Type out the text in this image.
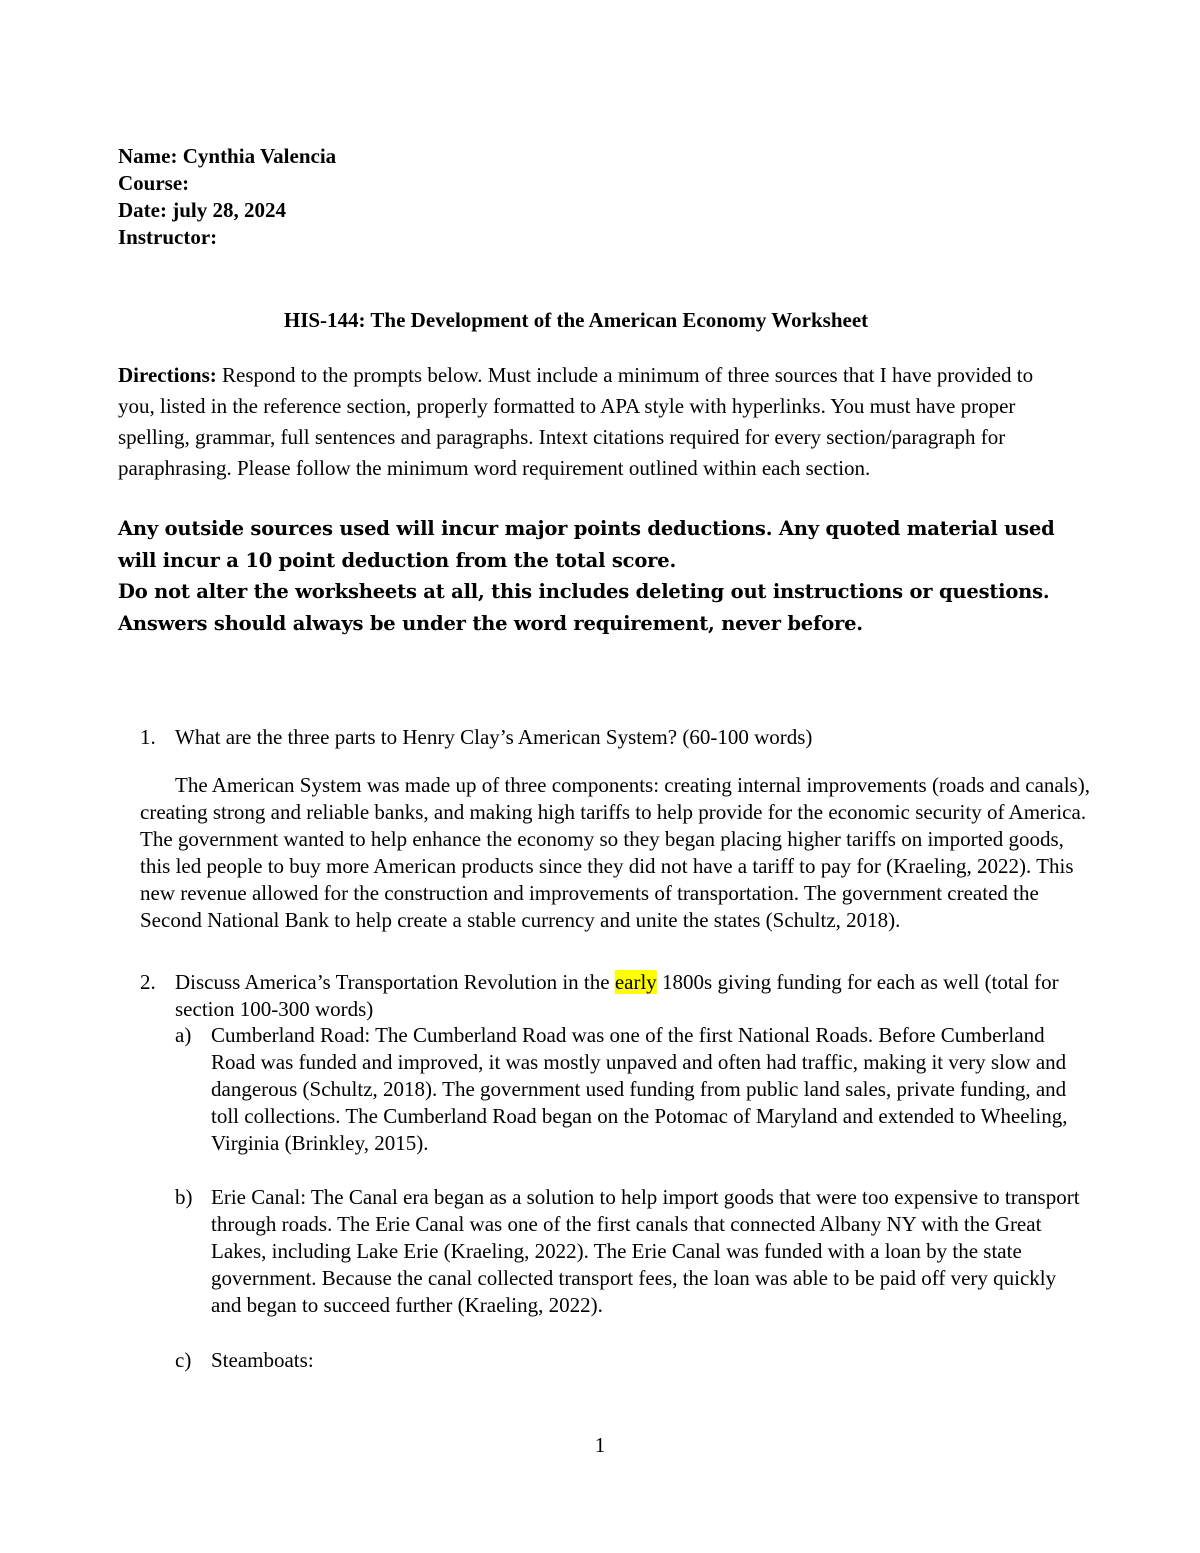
Name: Cynthia Valencia
Course:
Date: july 28, 2024
Instructor:
HIS-144: The Development of the American Economy Worksheet

Directions: Respond to the prompts below. Must include a minimum of three sources that I have provided to you, listed in the reference section, properly formatted to APA style with hyperlinks. You must have proper spelling, grammar, full sentences and paragraphs. Intext citations required for every section/paragraph for paraphrasing. Please follow the minimum word requirement outlined within each section.

Any outside sources used will incur major points deductions. Any quoted material used will incur a 10 point deduction from the total score.
Do not alter the worksheets at all, this includes deleting out instructions or questions.
Answers should always be under the word requirement, never before.
1. What are the three parts to Henry Clay’s American System? (60-100 words)

The American System was made up of three components: creating internal improvements (roads and canals), creating strong and reliable banks, and making high tariffs to help provide for the economic security of America. The government wanted to help enhance the economy so they began placing higher tariffs on imported goods, this led people to buy more American products since they did not have a tariff to pay for (Kraeling, 2022). This new revenue allowed for the construction and improvements of transportation. The government created the Second National Bank to help create a stable currency and unite the states (Schultz, 2018).

2. Discuss America’s Transportation Revolution in the early 1800s giving funding for each as well (total for section 100-300 words)

a) Cumberland Road: The Cumberland Road was one of the first National Roads. Before Cumberland Road was funded and improved, it was mostly unpaved and often had traffic, making it very slow and dangerous (Schultz, 2018). The government used funding from public land sales, private funding, and toll collections. The Cumberland Road began on the Potomac of Maryland and extended to Wheeling, Virginia (Brinkley, 2015).

b) Erie Canal: The Canal era began as a solution to help import goods that were too expensive to transport through roads. The Erie Canal was one of the first canals that connected Albany NY with the Great Lakes, including Lake Erie (Kraeling, 2022). The Erie Canal was funded with a loan by the state government. Because the canal collected transport fees, the loan was able to be paid off very quickly and began to succeed further (Kraeling, 2022).

c) Steamboats:

1
